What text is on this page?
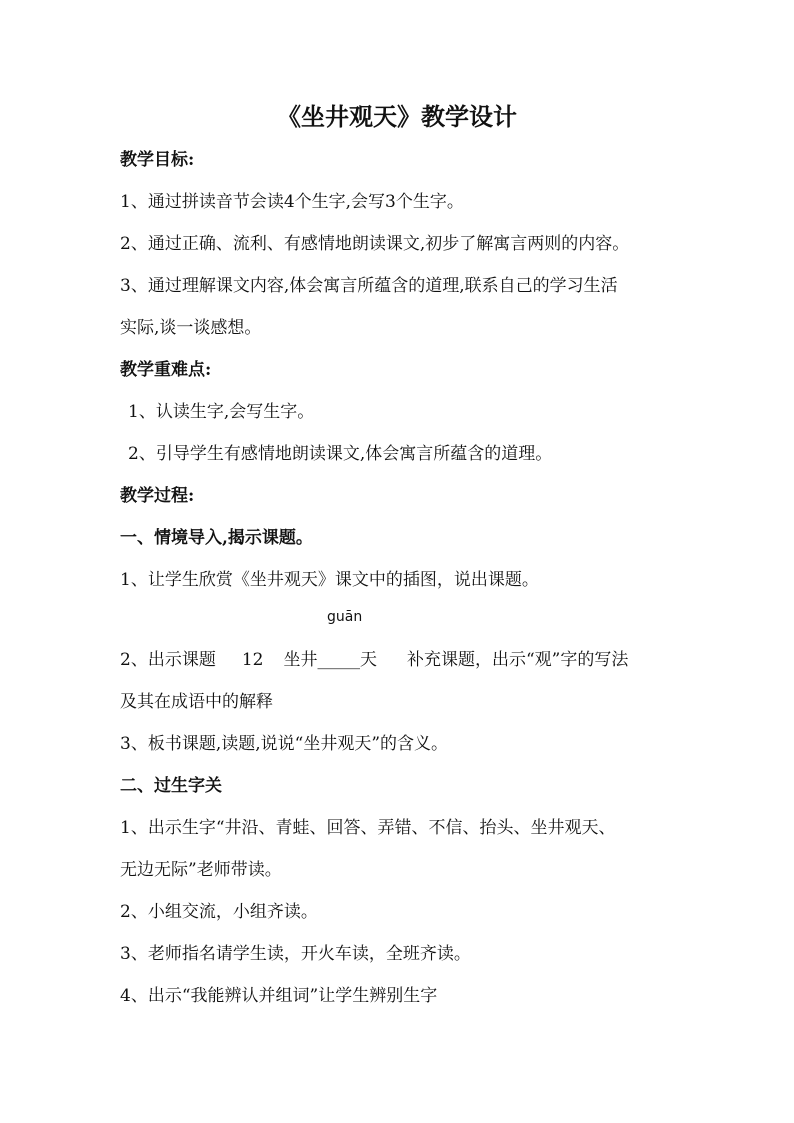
《坐井观天》教学设计
教学目标:
1、通过拼读音节会读4个生字,会写3个生字。
2、通过正确、流利、有感情地朗读课文,初步了解寓言两则的内容。
3、通过理解课文内容,体会寓言所蕴含的道理,联系自己的学习生活
实际,谈一谈感想。
教学重难点:
1、认读生字,会写生字。
2、引导学生有感情地朗读课文,体会寓言所蕴含的道理。
教学过程:
一、情境导入,揭示课题。
1、让学生欣赏《坐井观天》课文中的插图，说出课题。
guān
2、出示课题 12 坐井_____天 补充课题，出示“观”字的写法
及其在成语中的解释
3、板书课题,读题,说说“坐井观天”的含义。
二、过生字关
1、出示生字“井沿、青蛙、回答、弄错、不信、抬头、坐井观天、
无边无际”老师带读。
2、小组交流，小组齐读。
3、老师指名请学生读，开火车读，全班齐读。
4、出示“我能辨认并组词”让学生辨别生字
